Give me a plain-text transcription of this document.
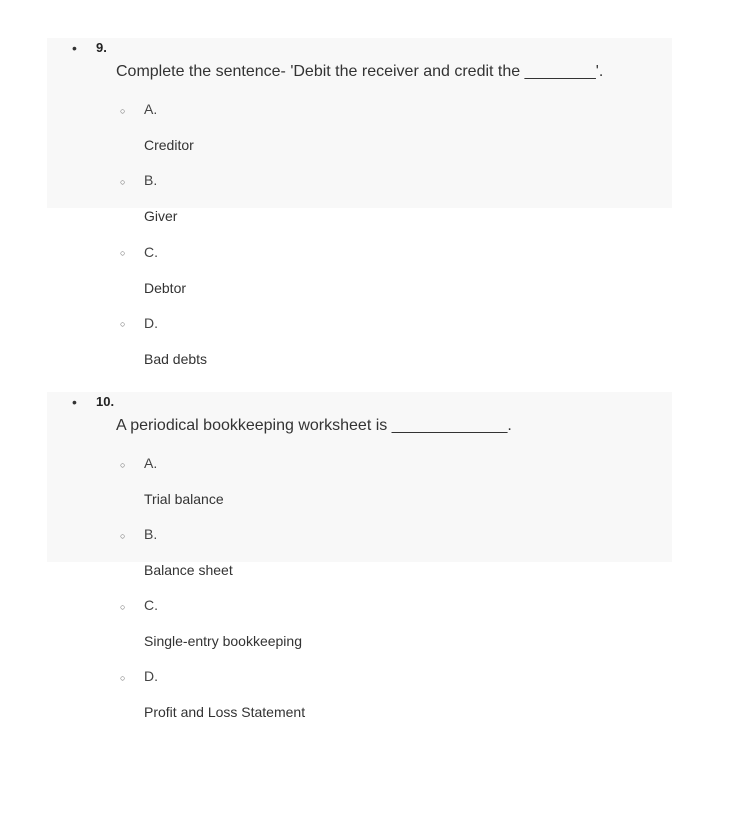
• 9.
Complete the sentence- 'Debit the receiver and credit the ________'.
○ A.
Creditor
○ B.
Giver
○ C.
Debtor
○ D.
Bad debts
• 10.
A periodical bookkeeping worksheet is _____________.
○ A.
Trial balance
○ B.
Balance sheet
○ C.
Single-entry bookkeeping
○ D.
Profit and Loss Statement
